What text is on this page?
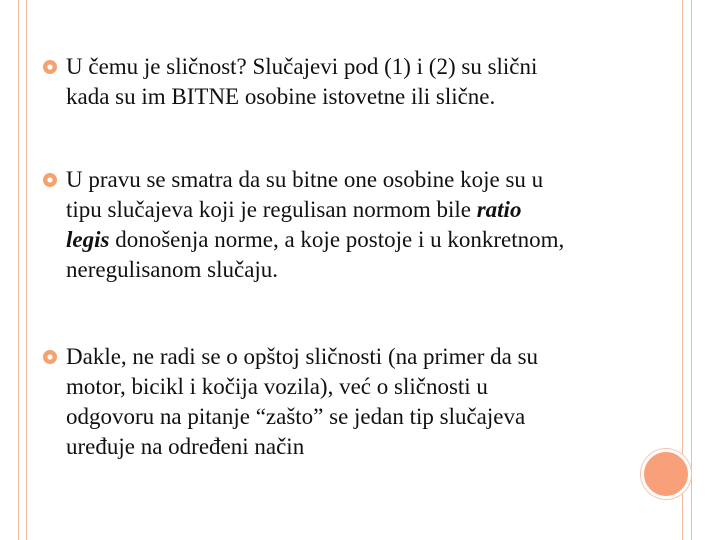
U čemu je sličnost? Slučajevi pod (1) i (2) su slični
kada su im BITNE osobine istovetne ili slične.
U pravu se smatra da su bitne one osobine koje su u
tipu slučajeva koji je regulisan normom bile ratio
legis donošenja norme, a koje postoje i u konkretnom,
neregulisanom slučaju.
Dakle, ne radi se o opštoj sličnosti (na primer da su
motor, bicikl i kočija vozila), već o sličnosti u
odgovoru na pitanje “zašto” se jedan tip slučajeva
uređuje na određeni način
